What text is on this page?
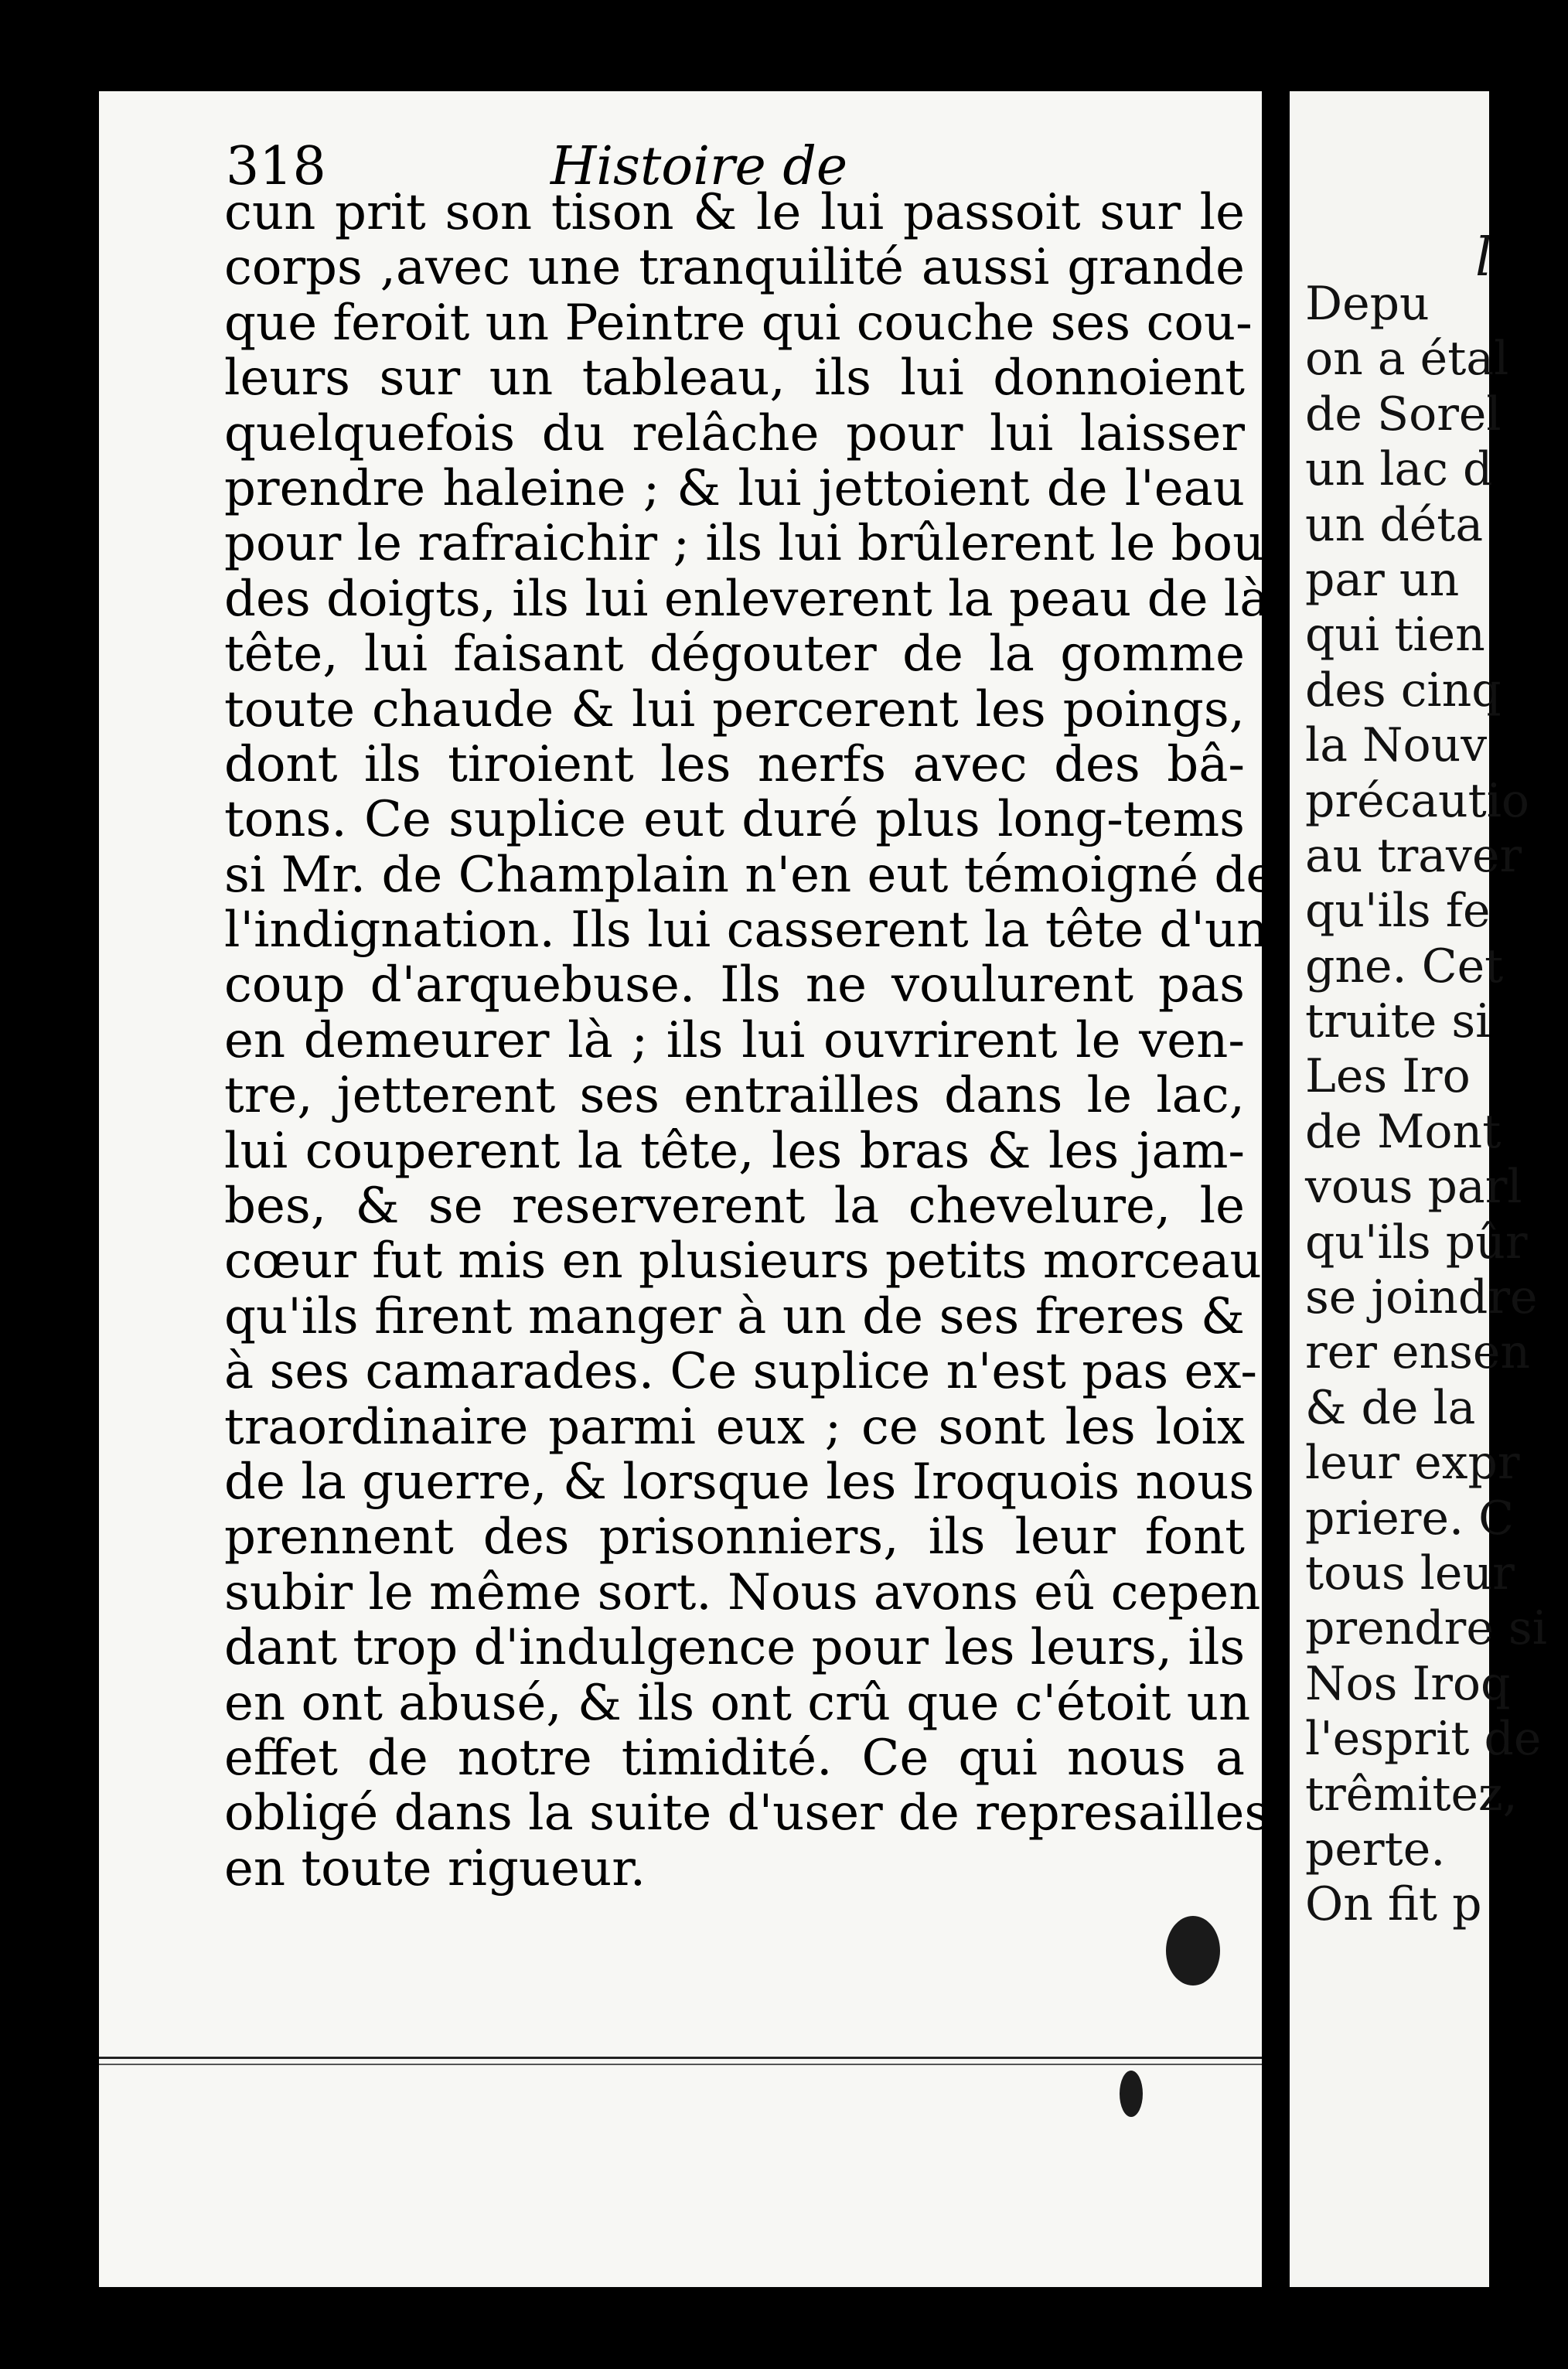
318	Histoire de
cun prit son tison & le lui passoit sur le
corps ,avec une tranquilité aussi grande
que feroit un Peintre qui couche ses cou-
leurs sur un tableau, ils lui donnoient
quelquefois du relâche pour lui laisser
prendre haleine ; & lui jettoient de l'eau
pour le rafraichir ; ils lui brûlerent le bout
des doigts, ils lui enleverent la peau de là
tête, lui faisant dégouter de la gomme
toute chaude & lui percerent les poings,
dont ils tiroient les nerfs avec des bâ-
tons. Ce suplice eut duré plus long-tems
si Mr. de Champlain n'en eut témoigné de
l'indignation. Ils lui casserent la tête d'un
coup d'arquebuse. Ils ne voulurent pas
en demeurer là ; ils lui ouvrirent le ven-
tre, jetterent ses entrailles dans le lac,
lui couperent la tête, les bras & les jam-
bes, & se reserverent la chevelure, le
cœur fut mis en plusieurs petits morceaux
qu'ils firent manger à un de ses freres &
à ses camarades. Ce suplice n'est pas ex-
traordinaire parmi eux ; ce sont les loix
de la guerre, & lorsque les Iroquois nous
prennent des prisonniers, ils leur font
subir le même sort. Nous avons eû cepen-
dant trop d'indulgence pour les leurs, ils
en ont abusé, & ils ont crû que c'étoit un
effet de notre timidité. Ce qui nous a
obligé dans la suite d'user de represailles
en toute rigueur.
l
Depu
on a étal
de Sorel
un lac d
un déta
par un
qui tien
des cinq
la Nouv
précautio
au traver
qu'ils fe
gne. Cet
truite si
Les Iro
de Mont
vous parl
qu'ils pûr
se joindre
rer ensen
& de la
leur expr
priere. C
tous leur
prendre si
Nos Iroq
l'esprit de
trêmitez,
perte.
On fit p
